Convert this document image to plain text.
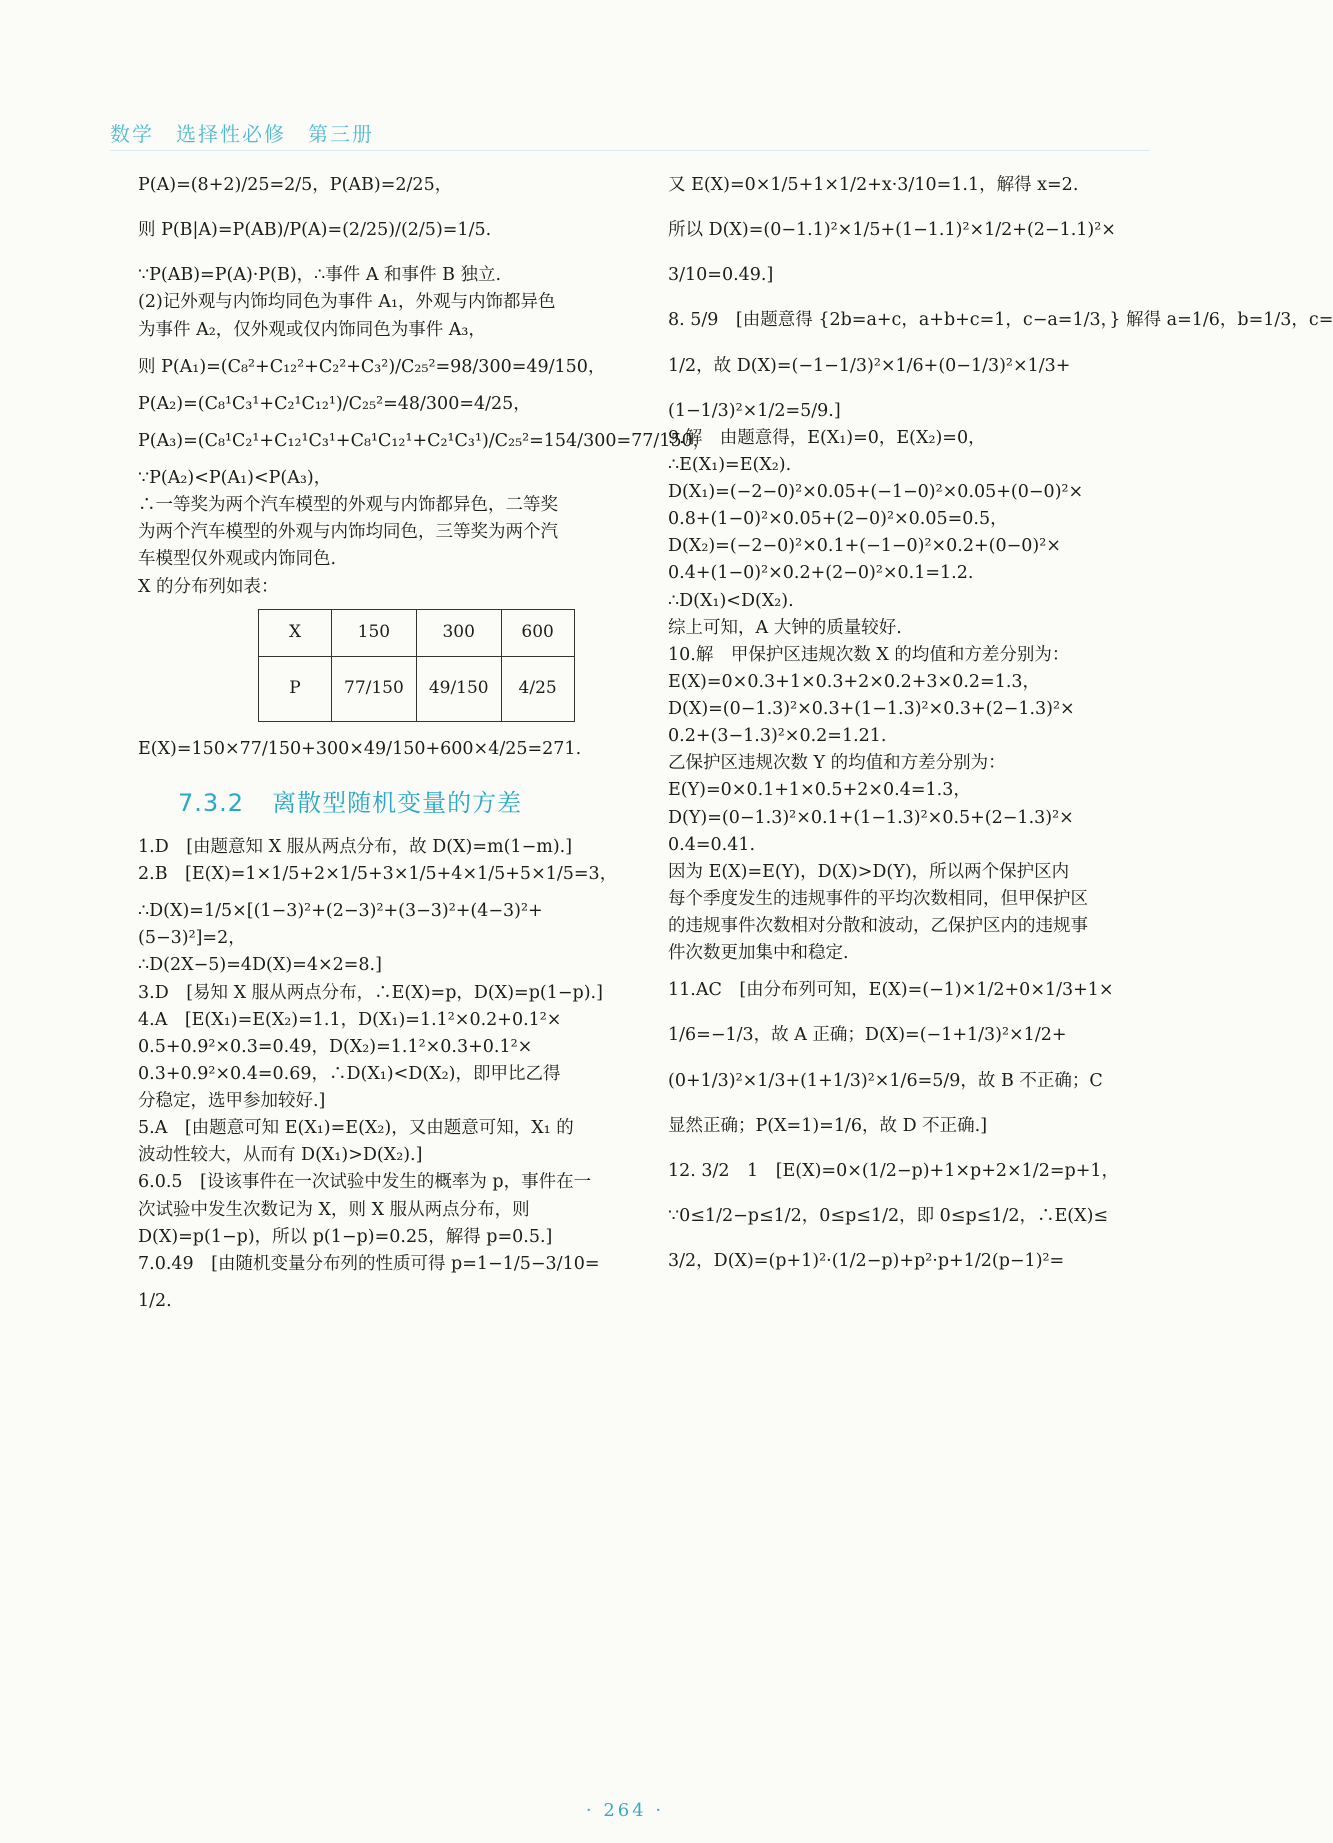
数学　选择性必修　第三册

P(A)=(8+2)/25=2/5，P(AB)=2/25，

则 P(B|A)=P(AB)/P(A)=(2/25)/(2/5)=1/5.

∵P(AB)=P(A)·P(B)，∴事件 A 和事件 B 独立.

(2)记外观与内饰均同色为事件 A₁，外观与内饰都异色

为事件 A₂，仅外观或仅内饰同色为事件 A₃，

则 P(A₁)=(C₈²+C₁₂²+C₂²+C₃²)/C₂₅²=98/300=49/150，

P(A₂)=(C₈¹C₃¹+C₂¹C₁₂¹)/C₂₅²=48/300=4/25，

P(A₃)=(C₈¹C₂¹+C₁₂¹C₃¹+C₈¹C₁₂¹+C₂¹C₃¹)/C₂₅²=154/300=77/150，

∵P(A₂)<P(A₁)<P(A₃)，

∴一等奖为两个汽车模型的外观与内饰都异色，二等奖

为两个汽车模型的外观与内饰均同色，三等奖为两个汽

车模型仅外观或内饰同色.

X 的分布列如表：

X	150	300	600
P	77/150	49/150	4/25

E(X)=150×77/150+300×49/150+600×4/25=271.

7.3.2 离散型随机变量的方差

1.D　[由题意知 X 服从两点分布，故 D(X)=m(1−m).]

2.B　[E(X)=1×1/5+2×1/5+3×1/5+4×1/5+5×1/5=3，

∴D(X)=1/5×[(1−3)²+(2−3)²+(3−3)²+(4−3)²+

(5−3)²]=2，

∴D(2X−5)=4D(X)=4×2=8.]

3.D　[易知 X 服从两点分布，∴E(X)=p，D(X)=p(1−p).]

4.A　[E(X₁)=E(X₂)=1.1，D(X₁)=1.1²×0.2+0.1²×

0.5+0.9²×0.3=0.49，D(X₂)=1.1²×0.3+0.1²×

0.3+0.9²×0.4=0.69，∴D(X₁)<D(X₂)，即甲比乙得

分稳定，选甲参加较好.]

5.A　[由题意可知 E(X₁)=E(X₂)，又由题意可知，X₁ 的

波动性较大，从而有 D(X₁)>D(X₂).]

6.0.5　[设该事件在一次试验中发生的概率为 p，事件在一

次试验中发生次数记为 X，则 X 服从两点分布，则

D(X)=p(1−p)，所以 p(1−p)=0.25，解得 p=0.5.]

7.0.49　[由随机变量分布列的性质可得 p=1−1/5−3/10=

1/2.

又 E(X)=0×1/5+1×1/2+x·3/10=1.1，解得 x=2.

所以 D(X)=(0−1.1)²×1/5+(1−1.1)²×1/2+(2−1.1)²×

3/10=0.49.]

8. 5/9　[由题意得 {2b=a+c，a+b+c=1，c−a=1/3，} 解得 a=1/6，b=1/3，c=

1/2，故 D(X)=(−1−1/3)²×1/6+(0−1/3)²×1/3+

(1−1/3)²×1/2=5/9.]

9.解　由题意得，E(X₁)=0，E(X₂)=0，

∴E(X₁)=E(X₂).

D(X₁)=(−2−0)²×0.05+(−1−0)²×0.05+(0−0)²×

0.8+(1−0)²×0.05+(2−0)²×0.05=0.5，

D(X₂)=(−2−0)²×0.1+(−1−0)²×0.2+(0−0)²×

0.4+(1−0)²×0.2+(2−0)²×0.1=1.2.

∴D(X₁)<D(X₂).

综上可知，A 大钟的质量较好.

10.解　甲保护区违规次数 X 的均值和方差分别为：

E(X)=0×0.3+1×0.3+2×0.2+3×0.2=1.3，

D(X)=(0−1.3)²×0.3+(1−1.3)²×0.3+(2−1.3)²×

0.2+(3−1.3)²×0.2=1.21.

乙保护区违规次数 Y 的均值和方差分别为：

E(Y)=0×0.1+1×0.5+2×0.4=1.3，

D(Y)=(0−1.3)²×0.1+(1−1.3)²×0.5+(2−1.3)²×

0.4=0.41.

因为 E(X)=E(Y)，D(X)>D(Y)，所以两个保护区内

每个季度发生的违规事件的平均次数相同，但甲保护区

的违规事件次数相对分散和波动，乙保护区内的违规事

件次数更加集中和稳定.

11.AC　[由分布列可知，E(X)=(−1)×1/2+0×1/3+1×

1/6=−1/3，故 A 正确；D(X)=(−1+1/3)²×1/2+

(0+1/3)²×1/3+(1+1/3)²×1/6=5/9，故 B 不正确；C

显然正确；P(X=1)=1/6，故 D 不正确.]

12. 3/2　1　[E(X)=0×(1/2−p)+1×p+2×1/2=p+1，

∵0≤1/2−p≤1/2，0≤p≤1/2，即 0≤p≤1/2，∴E(X)≤

3/2，D(X)=(p+1)²·(1/2−p)+p²·p+1/2(p−1)²=

· 264 ·
